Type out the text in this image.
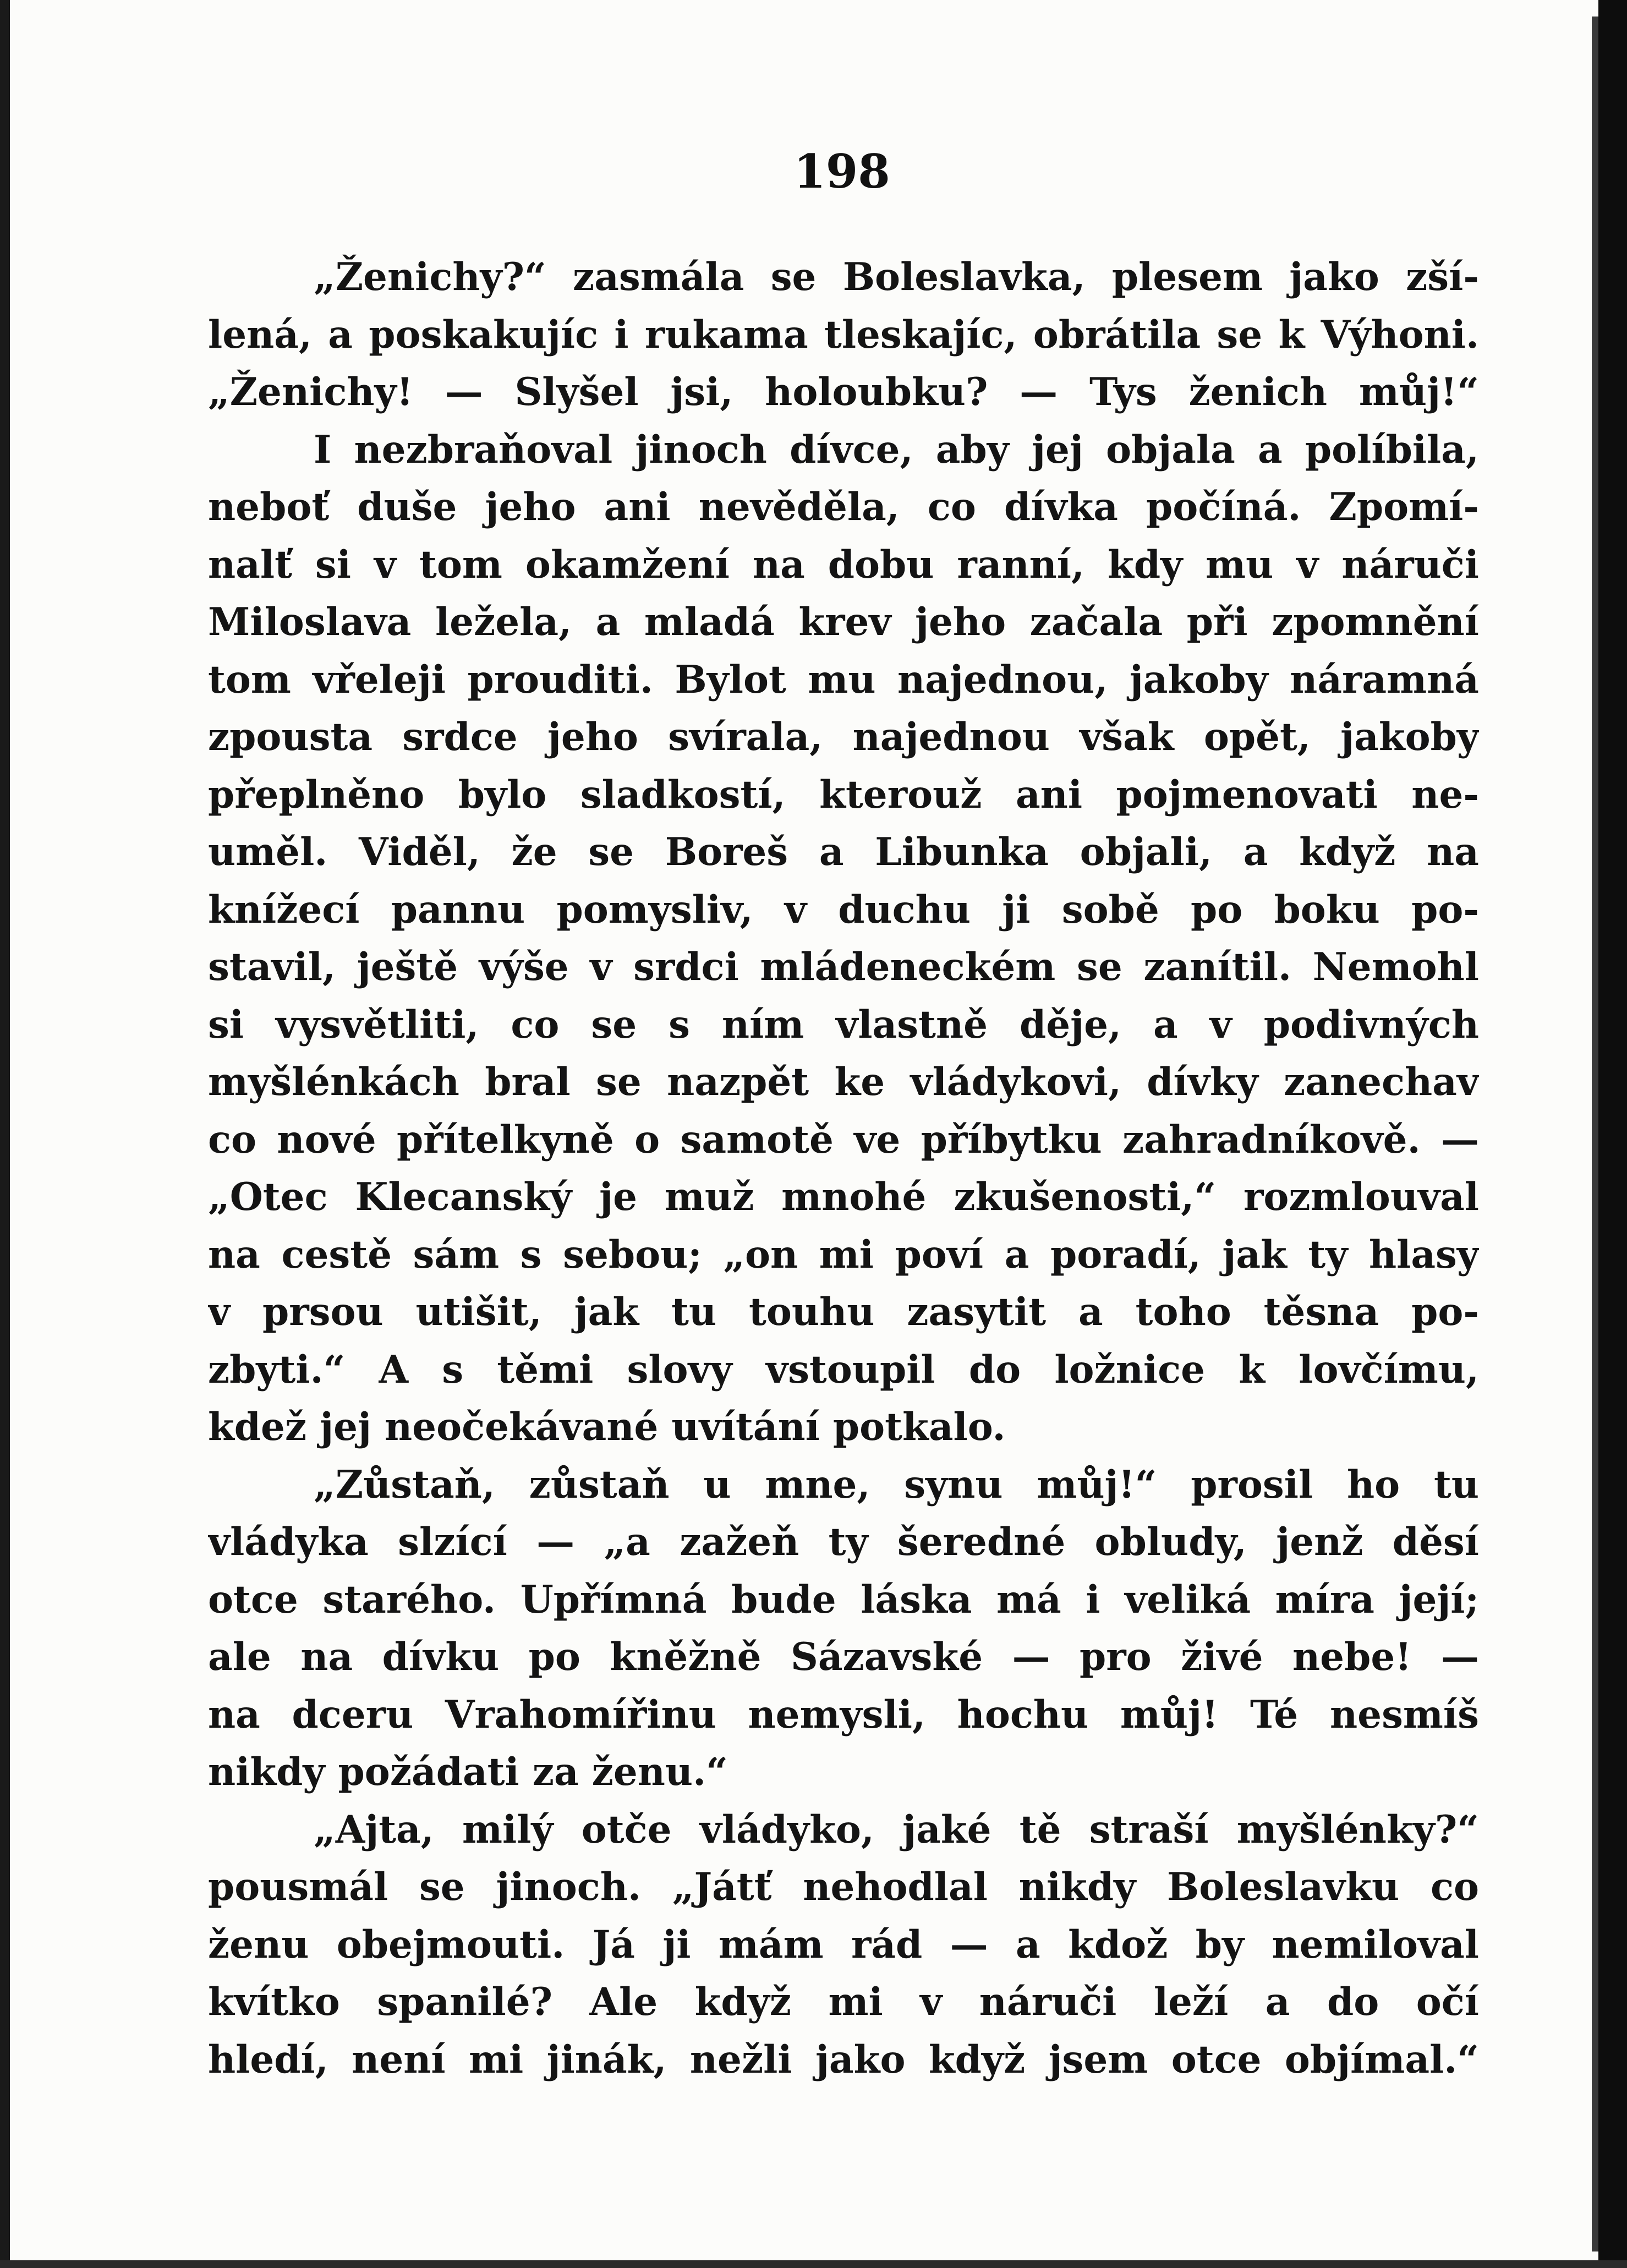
198
„Ženichy?“ zasmála se Boleslavka, plesem jako zší-
lená, a poskakujíc i rukama tleskajíc, obrátila se k Výhoni.
„Ženichy! — Slyšel jsi, holoubku? — Tys ženich můj!“
I nezbraňoval jinoch dívce, aby jej objala a políbila,
neboť duše jeho ani nevěděla, co dívka počíná. Zpomí-
nalť si v tom okamžení na dobu ranní, kdy mu v náruči
Miloslava ležela, a mladá krev jeho začala při zpomnění
tom vřeleji prouditi. Bylot mu najednou, jakoby náramná
zpousta srdce jeho svírala, najednou však opět, jakoby
přeplněno bylo sladkostí, kterouž ani pojmenovati ne-
uměl. Viděl, že se Boreš a Libunka objali, a když na
knížecí pannu pomysliv, v duchu ji sobě po boku po-
stavil, ještě výše v srdci mládeneckém se zanítil. Nemohl
si vysvětliti, co se s ním vlastně děje, a v podivných
myšlénkách bral se nazpět ke vládykovi, dívky zanechav
co nové přítelkyně o samotě ve příbytku zahradníkově. —
„Otec Klecanský je muž mnohé zkušenosti,“ rozmlouval
na cestě sám s sebou; „on mi poví a poradí, jak ty hlasy
v prsou utišit, jak tu touhu zasytit a toho těsna po-
zbyti.“ A s těmi slovy vstoupil do ložnice k lovčímu,
kdež jej neočekávané uvítání potkalo.
„Zůstaň, zůstaň u mne, synu můj!“ prosil ho tu
vládyka slzící — „a zažeň ty šeredné obludy, jenž děsí
otce starého. Upřímná bude láska má i veliká míra její;
ale na dívku po kněžně Sázavské — pro živé nebe! —
na dceru Vrahomířinu nemysli, hochu můj! Té nesmíš
nikdy požádati za ženu.“
„Ajta, milý otče vládyko, jaké tě straší myšlénky?“
pousmál se jinoch. „Játť nehodlal nikdy Boleslavku co
ženu obejmouti. Já ji mám rád — a kdož by nemiloval
kvítko spanilé? Ale když mi v náruči leží a do očí
hledí, není mi jinák, nežli jako když jsem otce objímal.“
